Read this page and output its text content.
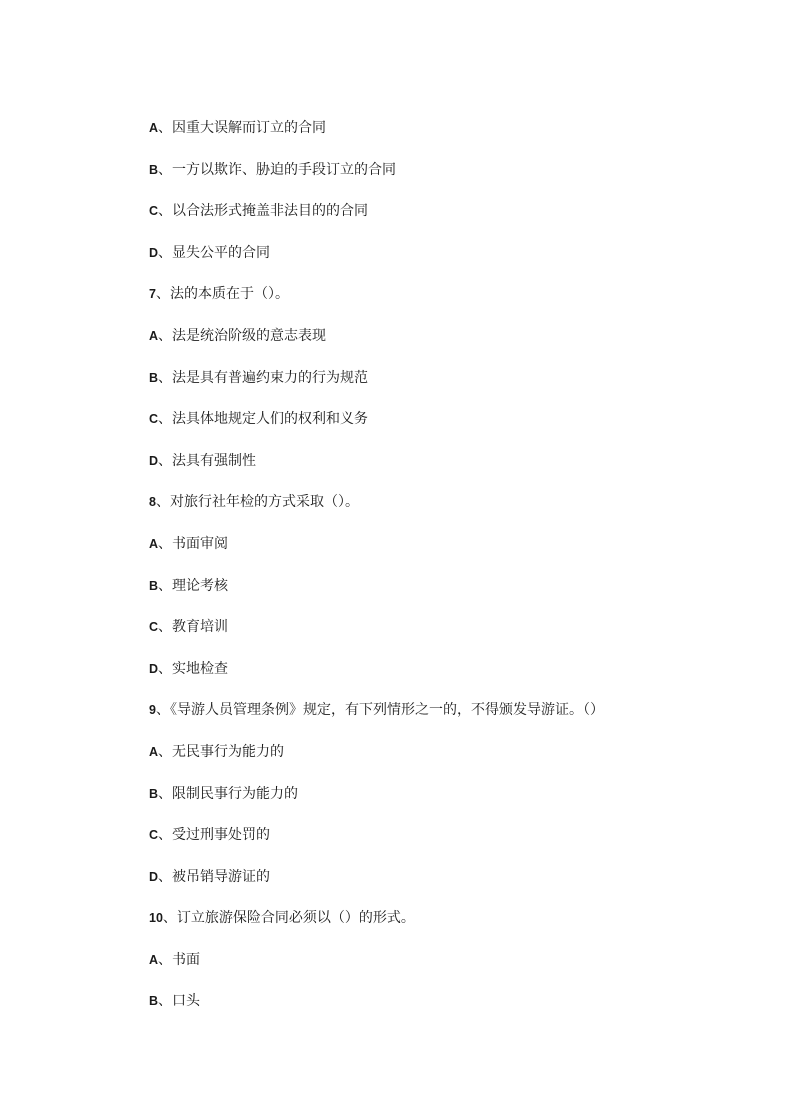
A、因重大误解而订立的合同
B、一方以欺诈、胁迫的手段订立的合同
C、以合法形式掩盖非法目的的合同
D、显失公平的合同
7、法的本质在于（）。
A、法是统治阶级的意志表现
B、法是具有普遍约束力的行为规范
C、法具体地规定人们的权利和义务
D、法具有强制性
8、对旅行社年检的方式采取（）。
A、书面审阅
B、理论考核
C、教育培训
D、实地检查
9、《导游人员管理条例》规定，有下列情形之一的，不得颁发导游证。（）
A、无民事行为能力的
B、限制民事行为能力的
C、受过刑事处罚的
D、被吊销导游证的
10、订立旅游保险合同必须以（）的形式。
A、书面
B、口头
